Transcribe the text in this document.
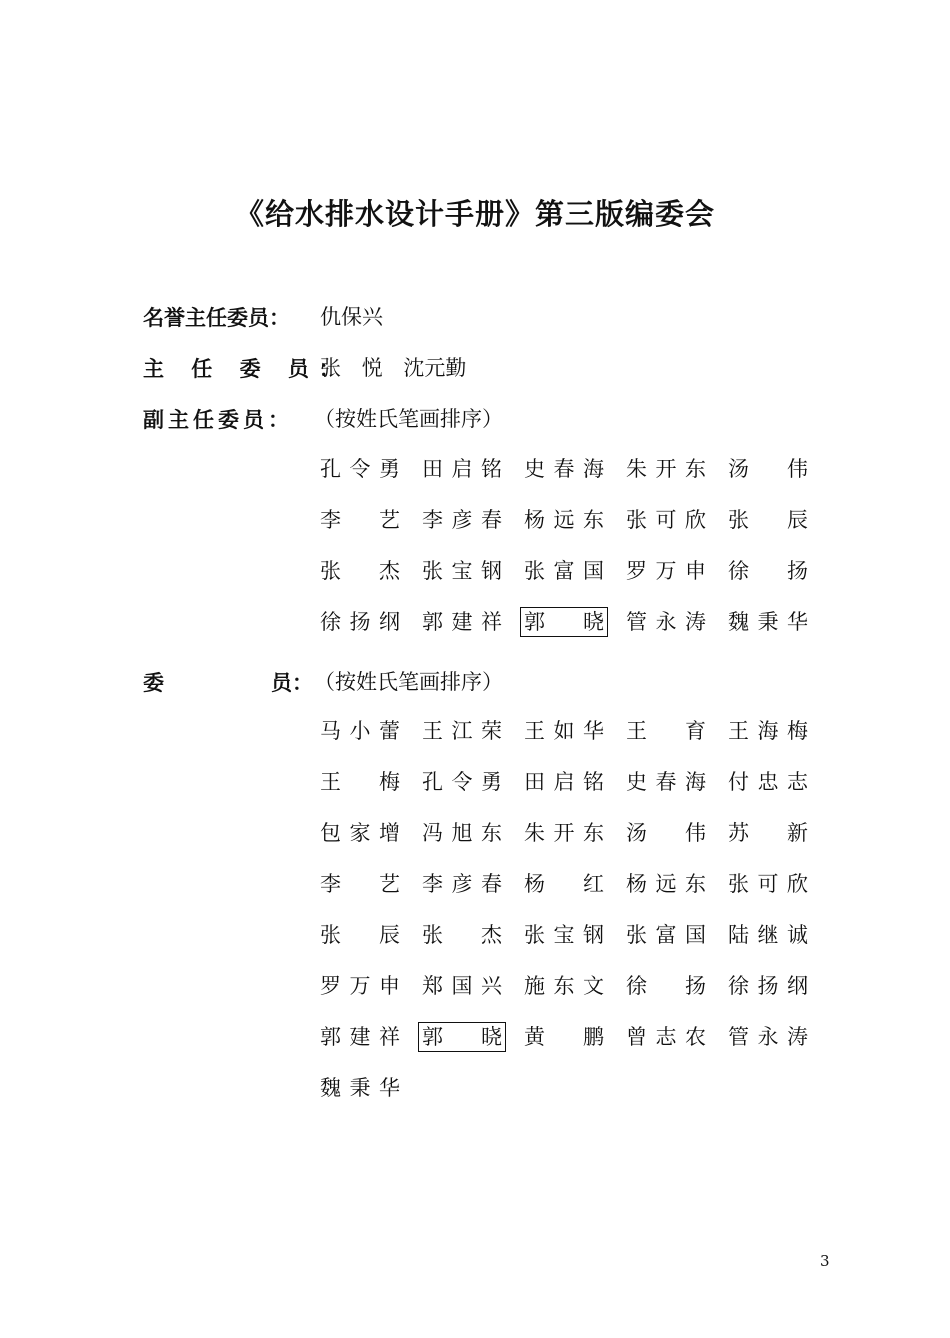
《给水排水设计手册》第三版编委会
名誉主任委员： 仇保兴
主 任 委 员：
张 悦 沈元勤
副主任委员： （按姓氏笔画排序）
孔令勇 田启铭 史春海 朱开东 汤 伟
李 艺 李彦春 杨远东 张可欣 张 辰
张 杰 张宝钢 张富国 罗万申 徐 扬
徐扬纲 郭建祥 郭 晓 管永涛 魏秉华
委	员： （按姓氏笔画排序）
马小蕾 王江荣 王如华 王 育 王海梅
王 梅 孔令勇 田启铭 史春海 付忠志
包家增 冯旭东 朱开东 汤 伟 苏 新
李 艺 李彦春 杨 红 杨远东 张可欣
张 辰 张 杰 张宝钢 张富国 陆继诚
罗万申 郑国兴 施东文 徐 扬 徐扬纲
郭建祥 郭 晓 黄 鹏 曾志农 管永涛
魏秉华
3
